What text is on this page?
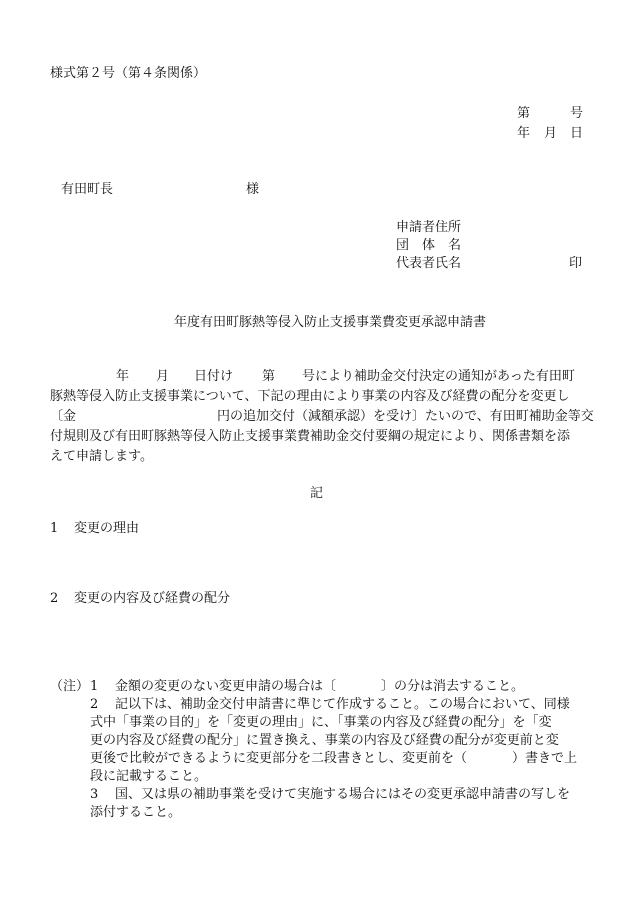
様式第２号（第４条関係）
第	号
年 月 日
有田町長	様
申請者住所
団　体　名
代表者氏名	印
年度有田町豚熱等侵入防止支援事業費変更承認申請書
年 月 日付け 第 号により補助金交付決定の通知があった有田町
豚熱等侵入防止支援事業について、下記の理由により事業の内容及び経費の配分を変更し
〔金	円の追加交付（減額承認）を受け〕たいので、有田町補助金等交
付規則及び有田町豚熱等侵入防止支援事業費補助金交付要綱の規定により、関係書類を添
えて申請します。
記
1 変更の理由
2 変更の内容及び経費の配分
（注） 1 金額の変更のない変更申請の場合は〔	〕の分は消去すること。
2 記以下は、補助金交付申請書に準じて作成すること。この場合において、同様
式中「事業の目的」を「変更の理由」に、「事業の内容及び経費の配分」を「変
更の内容及び経費の配分」に置き換え、事業の内容及び経費の配分が変更前と変
更後で比較ができるように変更部分を二段書きとし、変更前を（	）書きで上
段に記載すること。
3 国、又は県の補助事業を受けて実施する場合にはその変更承認申請書の写しを
添付すること。
